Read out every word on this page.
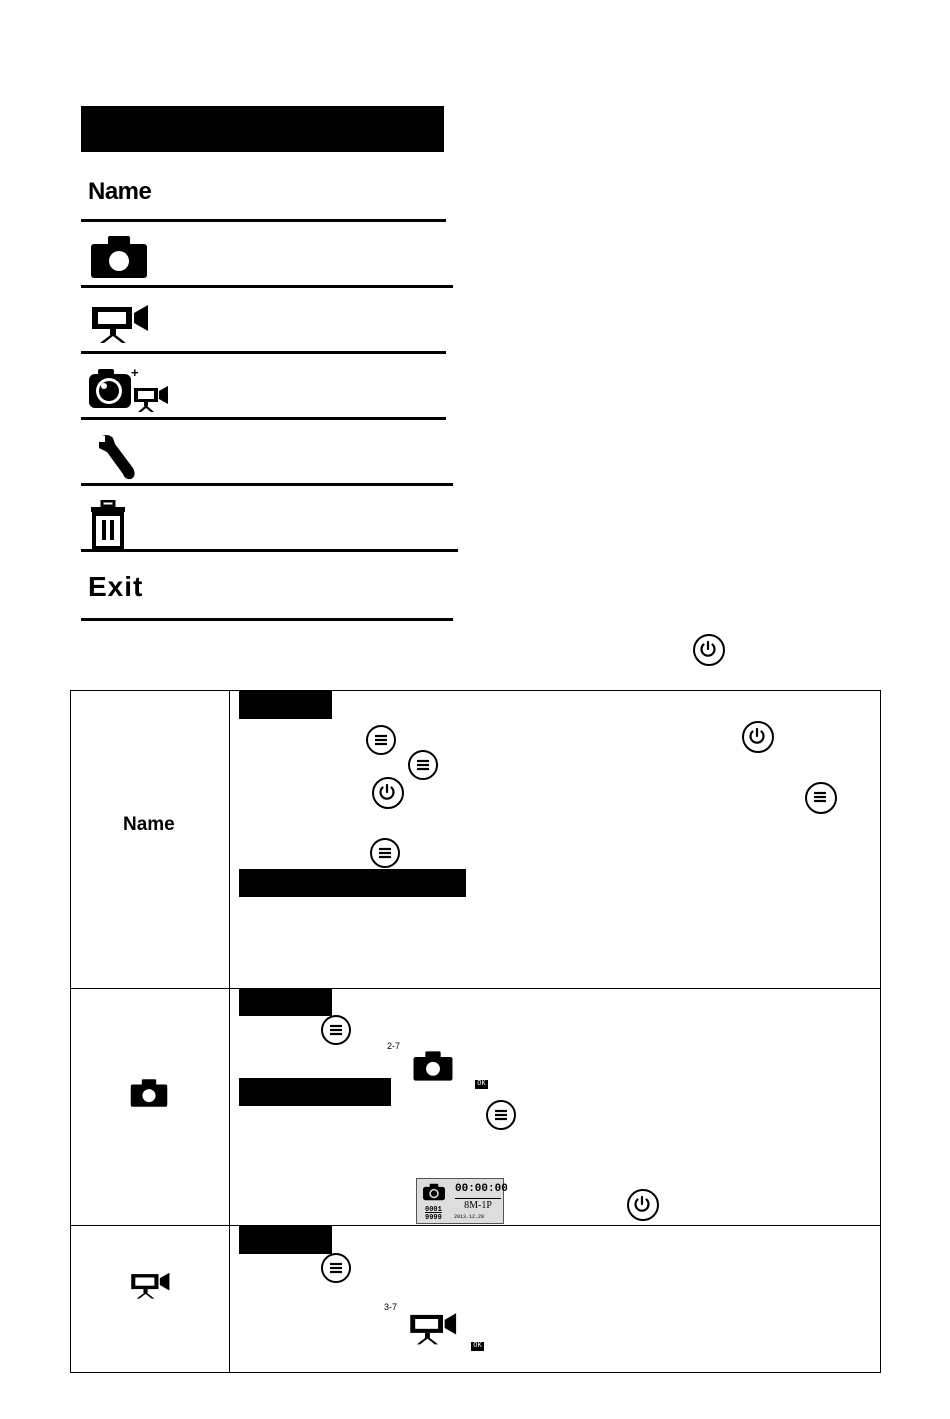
Name
+
Exit
Name
2-7
OK
00:00:00
8M-1P
0001
9999 2013.12.28
3-7
OK
